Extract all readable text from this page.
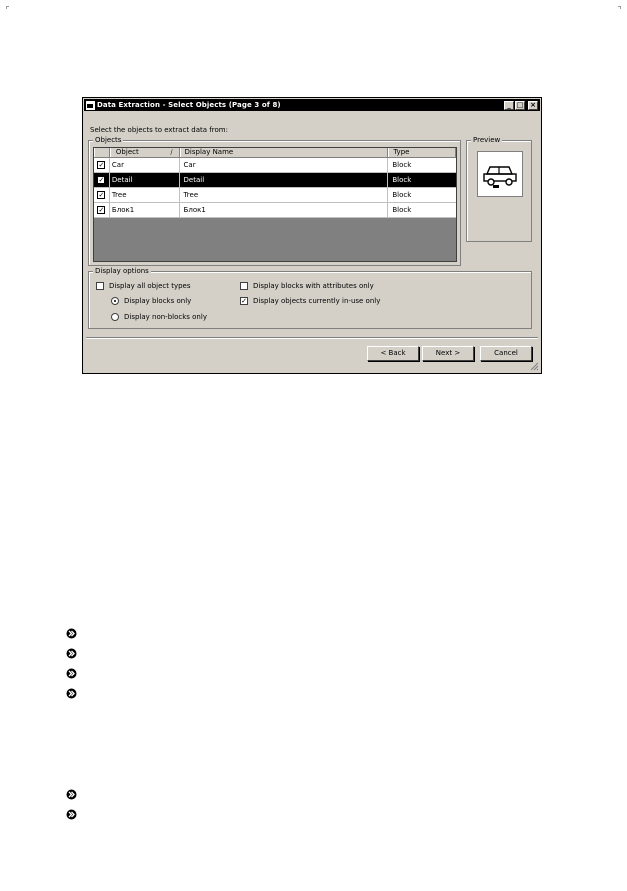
Data Extraction - Select Objects (Page 3 of 8)	_ □ ×
Select the objects to extract data from:
Objects
Object	/	Display Name	Type
✓ Car	Car	Block
✓ Detail	Detail	Block
✓ Tree	Tree	Block
✓ Блок1	Блок1	Block
Preview
Display options
Display all object types
Display blocks only
Display non-blocks only
Display blocks with attributes only
✓ Display objects currently in-use only
< Back	Next >	Cancel
